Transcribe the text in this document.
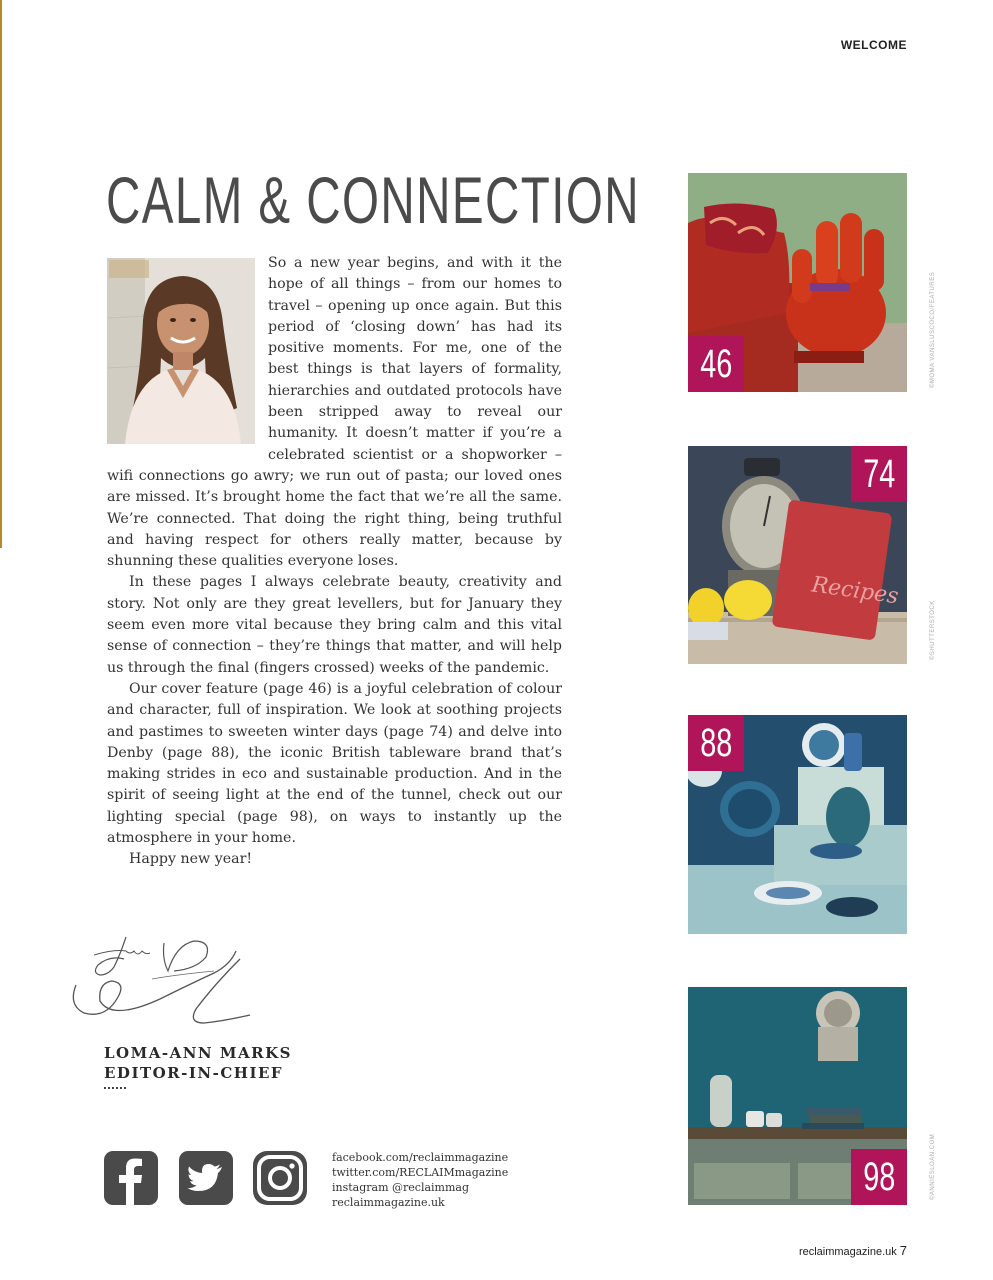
WELCOME
CALM & CONNECTION

So a new year begins, and with it the hope of all things – from our homes to travel – opening up once again. But this period of ‘closing down’ has had its positive moments. For me, one of the best things is that layers of formality, hierarchies and outdated protocols have been stripped away to reveal our humanity. It doesn’t matter if you’re a celebrated scientist or a shopworker – wifi connections go awry; we run out of pasta; our loved ones are missed. It’s brought home the fact that we’re all the same. We’re connected. That doing the right thing, being truthful and having respect for others really matter, because by shunning these qualities everyone loses.

In these pages I always celebrate beauty, creativity and story. Not only are they great levellers, but for January they seem even more vital because they bring calm and this vital sense of connection – they’re things that matter, and will help us through the final (fingers crossed) weeks of the pandemic.

Our cover feature (page 46) is a joyful celebration of colour and character, full of inspiration. We look at soothing projects and pastimes to sweeten winter days (page 74) and delve into Denby (page 88), the iconic British tableware brand that’s making strides in eco and sustainable production. And in the spirit of seeing light at the end of the tunnel, check out our lighting special (page 98), on ways to instantly up the atmosphere in your home.

Happy new year!

LOMA-ANN MARKS
EDITOR-IN-CHIEF
facebook.com/reclaimmagazine
twitter.com/RECLAIMmagazine
instagram @reclaimmag
reclaimmagazine.uk
46	©MOMA VANSLUSCOCO/FEATURES
Recipes
74
©SHUTTERSTOCK
88
98	©ANNIESLOAN.COM
reclaimmagazine.uk 7
